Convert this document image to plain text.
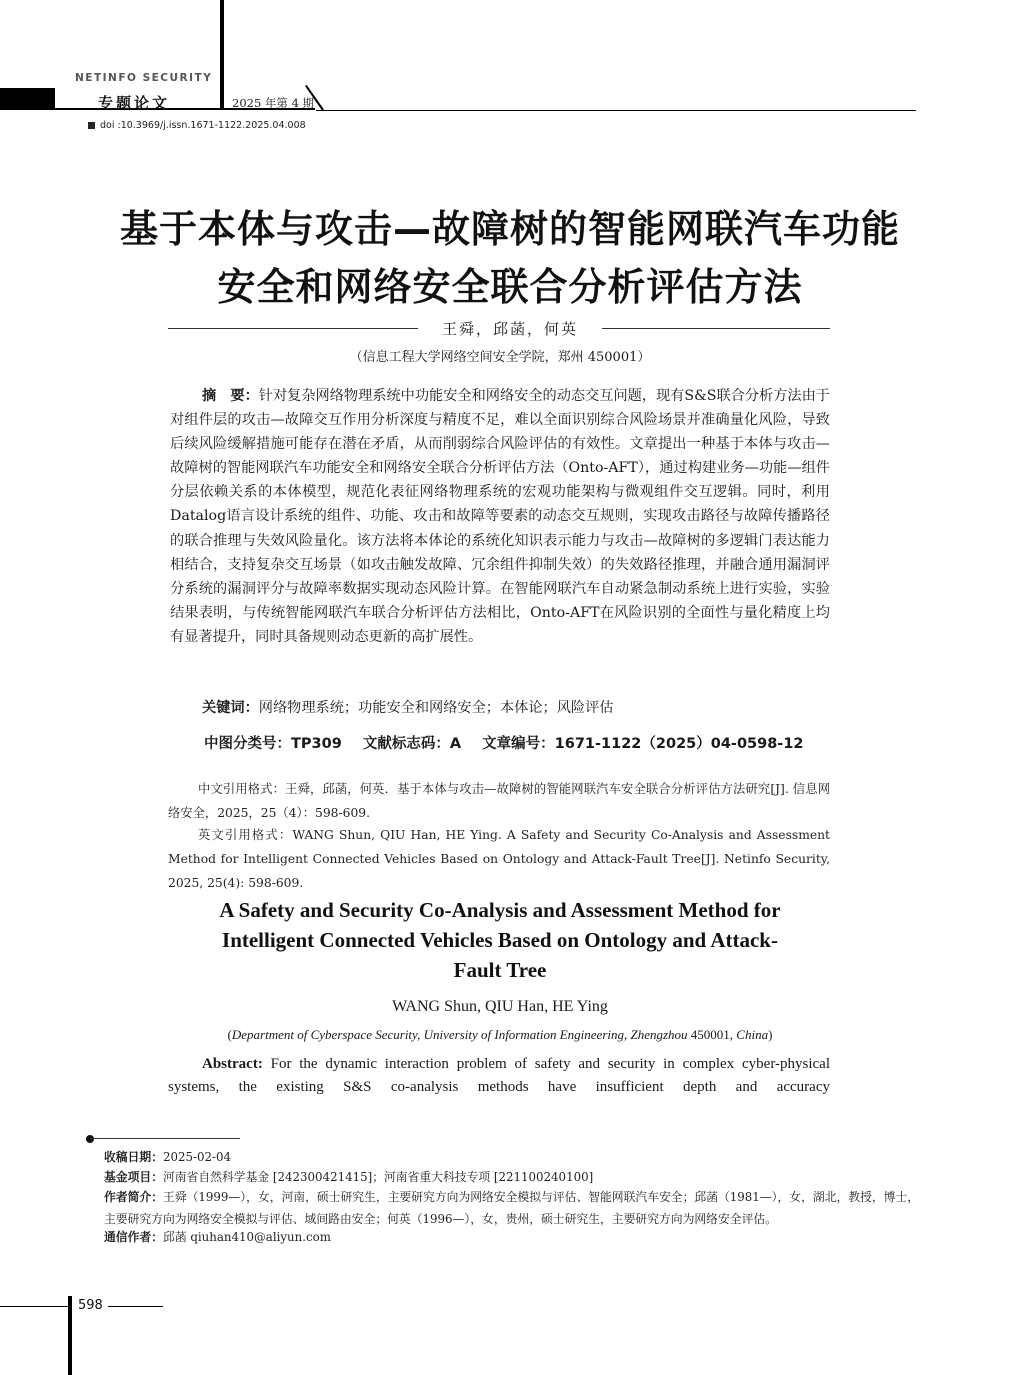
NETINFO SECURITY
专题论文	2025 年第 4 期
doi :10.3969/j.issn.1671-1122.2025.04.008
基于本体与攻击—故障树的智能网联汽车功能
安全和网络安全联合分析评估方法
王舜，邱菡，何英
（信息工程大学网络空间安全学院，郑州 450001）
摘　要：针对复杂网络物理系统中功能安全和网络安全的动态交互问题，现有S&S联合分析方法由于对组件层的攻击—故障交互作用分析深度与精度不足，难以全面识别综合风险场景并准确量化风险，导致后续风险缓解措施可能存在潜在矛盾，从而削弱综合风险评估的有效性。文章提出一种基于本体与攻击—故障树的智能网联汽车功能安全和网络安全联合分析评估方法（Onto-AFT），通过构建业务—功能—组件分层依赖关系的本体模型，规范化表征网络物理系统的宏观功能架构与微观组件交互逻辑。同时，利用Datalog语言设计系统的组件、功能、攻击和故障等要素的动态交互规则，实现攻击路径与故障传播路径的联合推理与失效风险量化。该方法将本体论的系统化知识表示能力与攻击—故障树的多逻辑门表达能力相结合，支持复杂交互场景（如攻击触发故障、冗余组件抑制失效）的失效路径推理，并融合通用漏洞评分系统的漏洞评分与故障率数据实现动态风险计算。在智能网联汽车自动紧急制动系统上进行实验，实验结果表明，与传统智能网联汽车联合分析评估方法相比，Onto-AFT在风险识别的全面性与量化精度上均有显著提升，同时具备规则动态更新的高扩展性。
关键词：网络物理系统；功能安全和网络安全；本体论；风险评估
中图分类号：TP309 文献标志码：A 文章编号：1671-1122（2025）04-0598-12
中文引用格式：王舜，邱菡，何英．基于本体与攻击—故障树的智能网联汽车安全联合分析评估方法研究[J]. 信息网络安全，2025，25（4）：598-609.
英文引用格式：WANG Shun, QIU Han, HE Ying. A Safety and Security Co-Analysis and Assessment Method for Intelligent Connected Vehicles Based on Ontology and Attack-Fault Tree[J]. Netinfo Security, 2025, 25(4): 598-609.
A Safety and Security Co-Analysis and Assessment Method for
Intelligent Connected Vehicles Based on Ontology and Attack-
Fault Tree
WANG Shun, QIU Han, HE Ying
(Department of Cyberspace Security, University of Information Engineering, Zhengzhou 450001, China)
Abstract: For the dynamic interaction problem of safety and security in complex cyber-physical systems, the existing S&S co-analysis methods have insufficient depth and accuracy
收稿日期：2025-02-04
基金项目：河南省自然科学基金 [242300421415]；河南省重大科技专项 [221100240100]
作者简介：王舜（1999—），女，河南，硕士研究生，主要研究方向为网络安全模拟与评估、智能网联汽车安全；邱菡（1981—），女，湖北，教授，博士，主要研究方向为网络安全模拟与评估、域间路由安全；何英（1996—），女，贵州，硕士研究生，主要研究方向为网络安全评估。
通信作者：邱菡 qiuhan410@aliyun.com
598
